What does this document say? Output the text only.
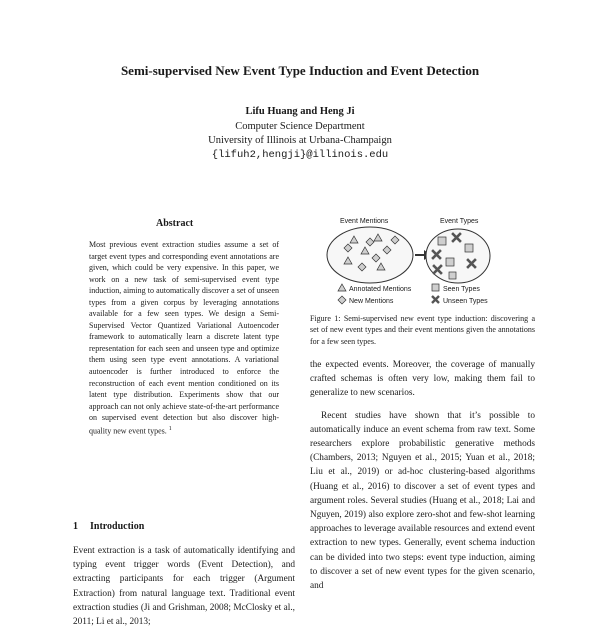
Semi-supervised New Event Type Induction and Event Detection
Lifu Huang and Heng Ji
Computer Science Department
University of Illinois at Urbana-Champaign
{lifuh2,hengji}@illinois.edu
Abstract
Most previous event extraction studies assume a set of target event types and corresponding event annotations are given, which could be very expensive. In this paper, we work on a new task of semi-supervised event type induction, aiming to automatically discover a set of unseen types from a given corpus by leveraging annotations available for a few seen types. We design a Semi-Supervised Vector Quantized Variational Autoencoder framework to automatically learn a discrete latent type representation for each seen and unseen type and optimize them using seen type event annotations. A variational autoencoder is further introduced to enforce the reconstruction of each event mention conditioned on its latent type distribution. Experiments show that our approach can not only achieve state-of-the-art performance on supervised event detection but also discover high-quality new event types. $^1$
1 Introduction
Event extraction is a task of automatically identifying and typing event trigger words (Event Detection), and extracting participants for each trigger (Argument Extraction) from natural language text. Traditional event extraction studies (Ji and Grishman, 2008; McClosky et al., 2011; Li et al., 2013;
Event Mentions	Event Types
Annotated Mentions
New Mentions
Seen Types
Unseen Types
Figure 1: Semi-supervised new event type induction: discovering a set of new event types and their event mentions given the annotations for a few seen types.

the expected events. Moreover, the coverage of manually crafted schemas is often very low, making them fail to generalize to new scenarios.

Recent studies have shown that it’s possible to automatically induce an event schema from raw text. Some researchers explore probabilistic generative methods (Chambers, 2013; Nguyen et al., 2015; Yuan et al., 2018; Liu et al., 2019) or ad-hoc clustering-based algorithms (Huang et al., 2016) to discover a set of event types and argument roles. Several studies (Huang et al., 2018; Lai and Nguyen, 2019) also explore zero-shot and few-shot learning approaches to leverage available resources and extend event extraction to new types. Generally, event schema induction can be divided into two steps: event type induction, aiming to discover a set of new event types for the given scenario, and
